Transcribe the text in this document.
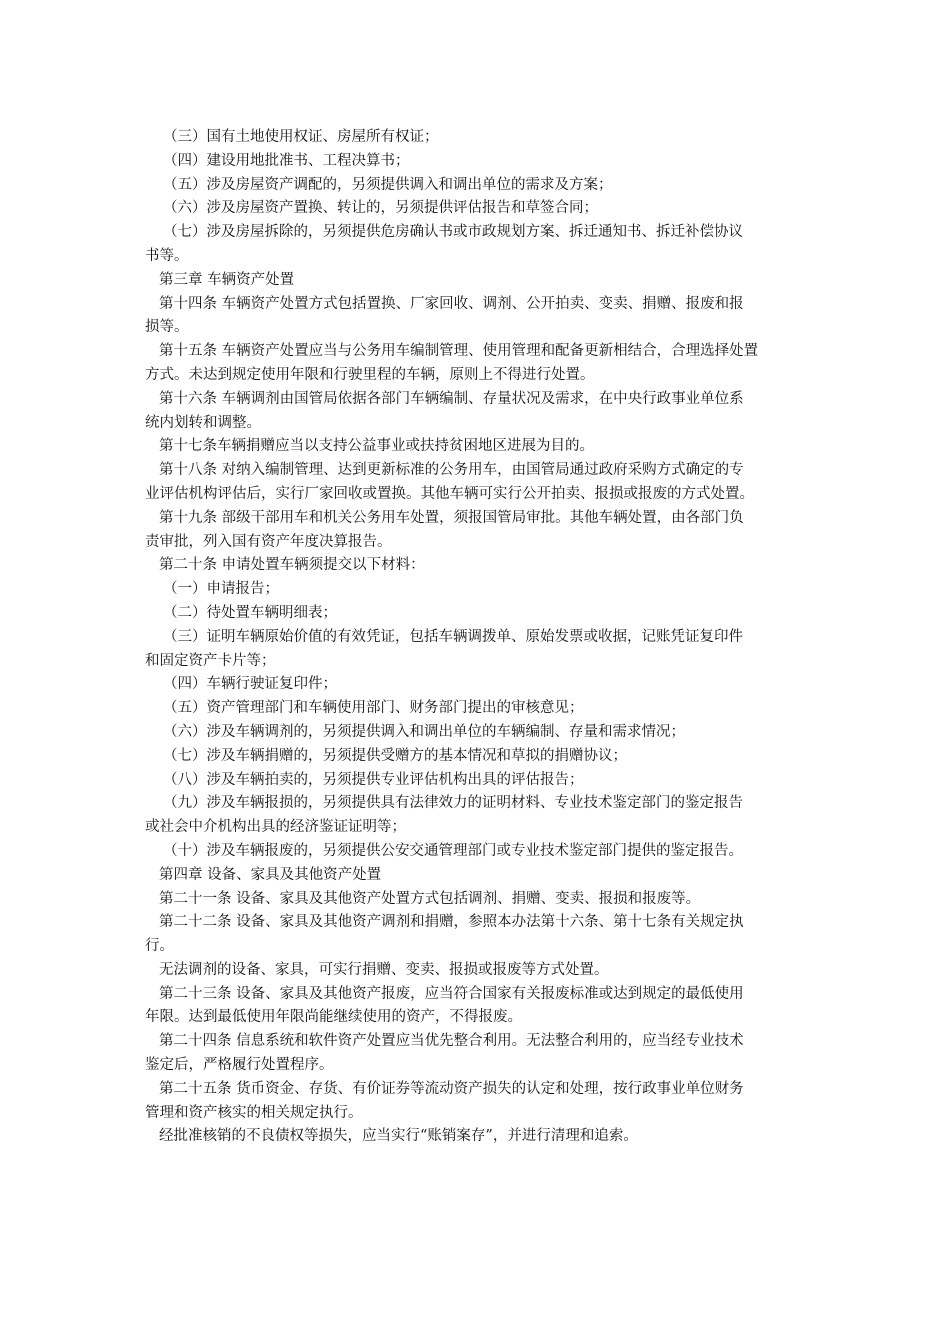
（三）国有土地使用权证、房屋所有权证；

（四）建设用地批准书、工程决算书；

（五）涉及房屋资产调配的，另须提供调入和调出单位的需求及方案；

（六）涉及房屋资产置换、转让的，另须提供评估报告和草签合同；

（七）涉及房屋拆除的，另须提供危房确认书或市政规划方案、拆迁通知书、拆迁补偿协议

书等。

第三章 车辆资产处置

第十四条 车辆资产处置方式包括置换、厂家回收、调剂、公开拍卖、变卖、捐赠、报废和报

损等。

第十五条 车辆资产处置应当与公务用车编制管理、使用管理和配备更新相结合，合理选择处置

方式。未达到规定使用年限和行驶里程的车辆，原则上不得进行处置。

第十六条 车辆调剂由国管局依据各部门车辆编制、存量状况及需求，在中央行政事业单位系

统内划转和调整。

第十七条车辆捐赠应当以支持公益事业或扶持贫困地区进展为目的。

第十八条 对纳入编制管理、达到更新标准的公务用车，由国管局通过政府采购方式确定的专

业评估机构评估后，实行厂家回收或置换。其他车辆可实行公开拍卖、报损或报废的方式处置。

第十九条 部级干部用车和机关公务用车处置，须报国管局审批。其他车辆处置，由各部门负

责审批，列入国有资产年度决算报告。

第二十条 申请处置车辆须提交以下材料：

（一）申请报告；

（二）待处置车辆明细表；

（三）证明车辆原始价值的有效凭证，包括车辆调拨单、原始发票或收据，记账凭证复印件

和固定资产卡片等；

（四）车辆行驶证复印件；

（五）资产管理部门和车辆使用部门、财务部门提出的审核意见；

（六）涉及车辆调剂的，另须提供调入和调出单位的车辆编制、存量和需求情况；

（七）涉及车辆捐赠的，另须提供受赠方的基本情况和草拟的捐赠协议；

（八）涉及车辆拍卖的，另须提供专业评估机构出具的评估报告；

（九）涉及车辆报损的，另须提供具有法律效力的证明材料、专业技术鉴定部门的鉴定报告

或社会中介机构出具的经济鉴证证明等；

（十）涉及车辆报废的，另须提供公安交通管理部门或专业技术鉴定部门提供的鉴定报告。

第四章 设备、家具及其他资产处置

第二十一条 设备、家具及其他资产处置方式包括调剂、捐赠、变卖、报损和报废等。

第二十二条 设备、家具及其他资产调剂和捐赠，参照本办法第十六条、第十七条有关规定执

行。

无法调剂的设备、家具，可实行捐赠、变卖、报损或报废等方式处置。

第二十三条 设备、家具及其他资产报废，应当符合国家有关报废标准或达到规定的最低使用

年限。达到最低使用年限尚能继续使用的资产，不得报废。

第二十四条 信息系统和软件资产处置应当优先整合利用。无法整合利用的，应当经专业技术

鉴定后，严格履行处置程序。

第二十五条 货币资金、存货、有价证券等流动资产损失的认定和处理，按行政事业单位财务

管理和资产核实的相关规定执行。

经批准核销的不良债权等损失，应当实行“账销案存”，并进行清理和追索。
